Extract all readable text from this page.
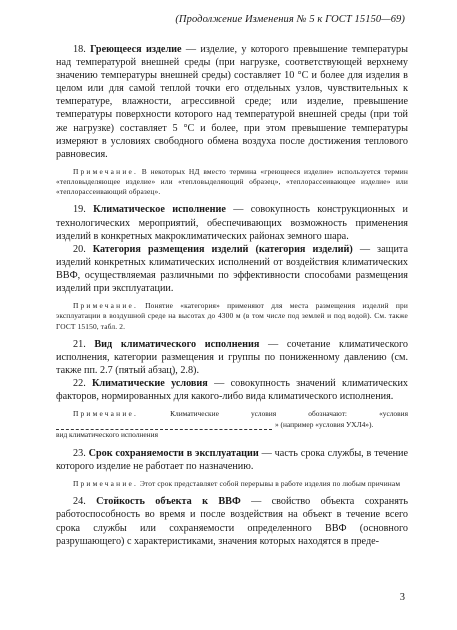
(Продолжение Изменения № 5 к ГОСТ 15150—69)

18. Греющееся изделие — изделие, у которого превышение температуры над температурой внешней среды (при нагрузке, соответствующей верхнему значению температуры внешней среды) составляет 10 °С и более для изделия в целом или для самой теплой точки его отдельных узлов, чувствительных к температуре, влажности, агрессивной среде; или изделие, превышение температуры поверхности которого над температурой внешней среды (при той же нагрузке) составляет 5 °С и более, при этом превышение температуры измеряют в условиях свободного обмена воздуха после достижения теплового равновесия.

Примечание. В некоторых НД вместо термина «греющееся изделие» используется термин «тепловыделяющее изделие» или «тепловыделяющий образец», «теплорассеивающее изделие» или «теплорассеивающий образец».

19. Климатическое исполнение — совокупность конструкционных и технологических мероприятий, обеспечивающих возможность применения изделий в конкретных макроклиматических районах земного шара.

20. Категория размещения изделий (категория изделий) — защита изделий конкретных климатических исполнений от воздействия климатических ВВФ, осуществляемая различными по эффективности способами размещения изделий при эксплуатации.

Примечание. Понятие «категория» применяют для места размещения изделий при эксплуатации в воздушной среде на высотах до 4300 м (в том числе под землей и под водой). См. также ГОСТ 15150, табл. 2.

21. Вид климатического исполнения — сочетание климатического исполнения, категории размещения и группы по пониженному давлению (см. также пп. 2.7 (пятый абзац), 2.8).

22. Климатические условия — совокупность значений климатических факторов, нормированных для какого-либо вида климатического исполнения.

Примечание.	Климатические	условия	обозначают:	«условия
» (например «условия УХЛ4»).
вид климатического исполнения

23. Срок сохраняемости в эксплуатации — часть срока службы, в течение которого изделие не работает по назначению.

Примечание. Этот срок представляет собой перерывы в работе изделия по любым причинам

24. Стойкость объекта к ВВФ — свойство объекта сохранять работоспособность во время и после воздействия на объект в течение всего срока службы или сохраняемости определенного ВВФ (основного разрушающего) с характеристиками, значения которых находятся в преде-

3
